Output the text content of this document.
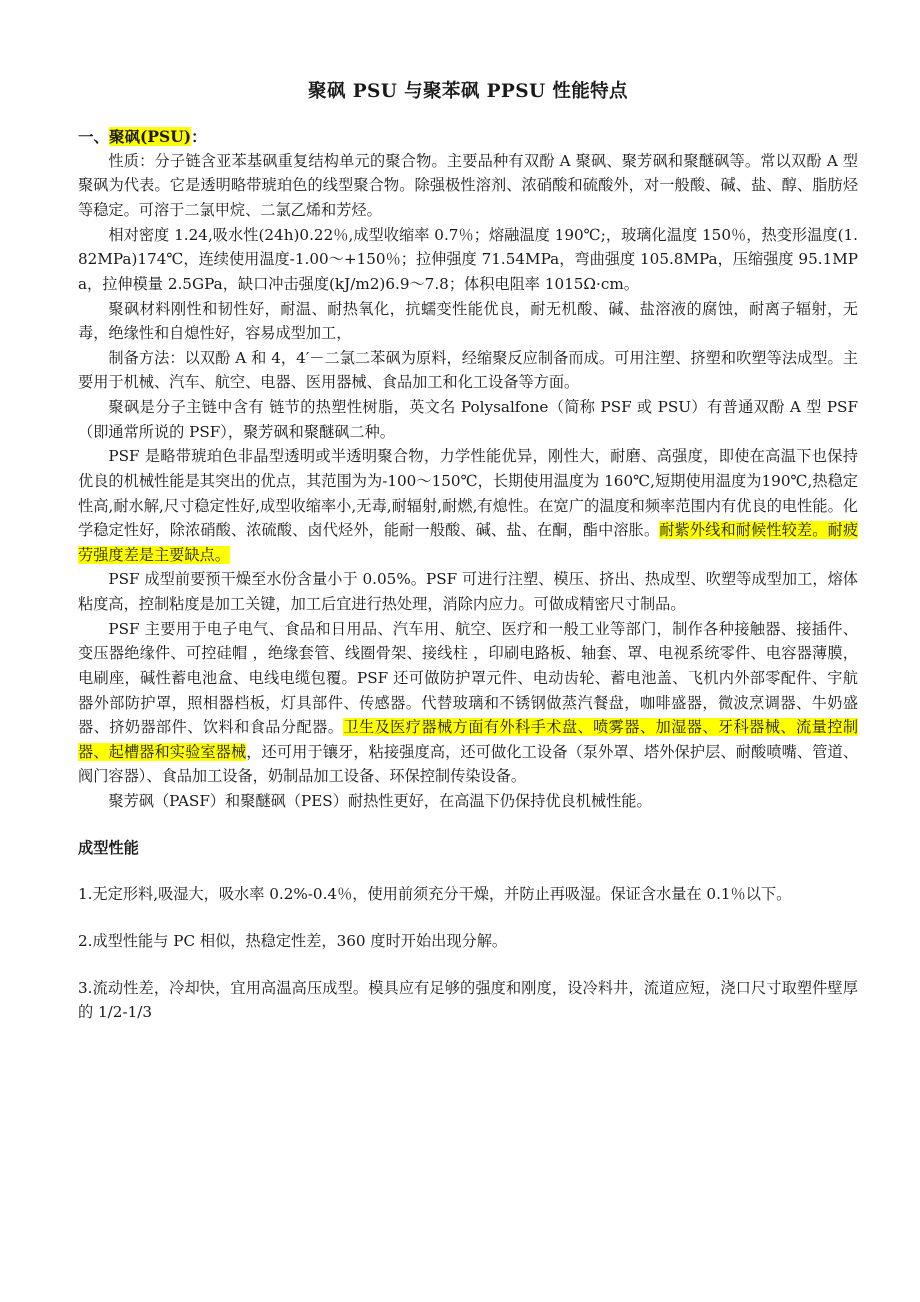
聚砜 PSU 与聚苯砜 PPSU 性能特点
一、聚砜(PSU)：

性质：分子链含亚苯基砜重复结构单元的聚合物。主要品种有双酚 A 聚砜、聚芳砜和聚醚砜等。常以双酚 A 型聚砜为代表。它是透明略带琥珀色的线型聚合物。除强极性溶剂、浓硝酸和硫酸外，对一般酸、碱、盐、醇、脂肪烃等稳定。可溶于二氯甲烷、二氯乙烯和芳烃。

相对密度 1.24,吸水性(24h)0.22％,成型收缩率 0.7％；熔融温度 190℃;，玻璃化温度 150％，热变形温度(1.82MPa)174℃，连续使用温度-1.00～+150％；拉伸强度 71.54MPa，弯曲强度 105.8MPa，压缩强度 95.1MPa，拉伸模量 2.5GPa，缺口冲击强度(kJ/m2)6.9～7.8；体积电阻率 1015Ω·cm。

聚砜材料刚性和韧性好，耐温、耐热氧化，抗蠕变性能优良，耐无机酸、碱、盐溶液的腐蚀，耐离子辐射，无毒，绝缘性和自熄性好，容易成型加工，

制备方法：以双酚 A 和 4，4′－二氯二苯砜为原料，经缩聚反应制备而成。可用注塑、挤塑和吹塑等法成型。主要用于机械、汽车、航空、电器、医用器械、食品加工和化工设备等方面。

聚砜是分子主链中含有 链节的热塑性树脂，英文名 Polysalfone（简称 PSF 或 PSU）有普通双酚 A 型 PSF（即通常所说的 PSF），聚芳砜和聚醚砜二种。

PSF 是略带琥珀色非晶型透明或半透明聚合物，力学性能优异，刚性大，耐磨、高强度，即使在高温下也保持优良的机械性能是其突出的优点，其范围为为-100～150℃，长期使用温度为 160℃,短期使用温度为190℃,热稳定性高,耐水解,尺寸稳定性好,成型收缩率小,无毒,耐辐射,耐燃,有熄性。在宽广的温度和频率范围内有优良的电性能。化学稳定性好，除浓硝酸、浓硫酸、卤代烃外，能耐一般酸、碱、盐、在酮，酯中溶胀。耐紫外线和耐候性较差。耐疲劳强度差是主要缺点。

PSF 成型前要预干燥至水份含量小于 0.05%。PSF 可进行注塑、模压、挤出、热成型、吹塑等成型加工，熔体粘度高，控制粘度是加工关键，加工后宜进行热处理，消除内应力。可做成精密尺寸制品。

PSF 主要用于电子电气、食品和日用品、汽车用、航空、医疗和一般工业等部门，制作各种接触器、接插件、变压器绝缘件、可控硅帽 ，绝缘套管、线圈骨架、接线柱 ，印刷电路板、轴套、罩、电视系统零件、电容器薄膜，电刷座，碱性蓄电池盒、电线电缆包覆。PSF 还可做防护罩元件、电动齿轮、蓄电池盖、飞机内外部零配件、宇航器外部防护罩，照相器档板，灯具部件、传感器。代替玻璃和不锈钢做蒸汽餐盘，咖啡盛器，微波烹调器、牛奶盛器、挤奶器部件、饮料和食品分配器。卫生及医疗器械方面有外科手术盘、喷雾器、加湿器、牙科器械、流量控制器、起槽器和实验室器械，还可用于镶牙，粘接强度高，还可做化工设备（泵外罩、塔外保护层、耐酸喷嘴、管道、阀门容器）、食品加工设备，奶制品加工设备、环保控制传染设备。

聚芳砜（PASF）和聚醚砜（PES）耐热性更好，在高温下仍保持优良机械性能。

成型性能

1.无定形料,吸湿大，吸水率 0.2%-0.4％，使用前须充分干燥，并防止再吸湿。保证含水量在 0.1％以下。

2.成型性能与 PC 相似，热稳定性差，360 度时开始出现分解。

3.流动性差，冷却快，宜用高温高压成型。模具应有足够的强度和刚度，设冷料井，流道应短，浇口尺寸取塑件壁厚的 1/2-1/3
